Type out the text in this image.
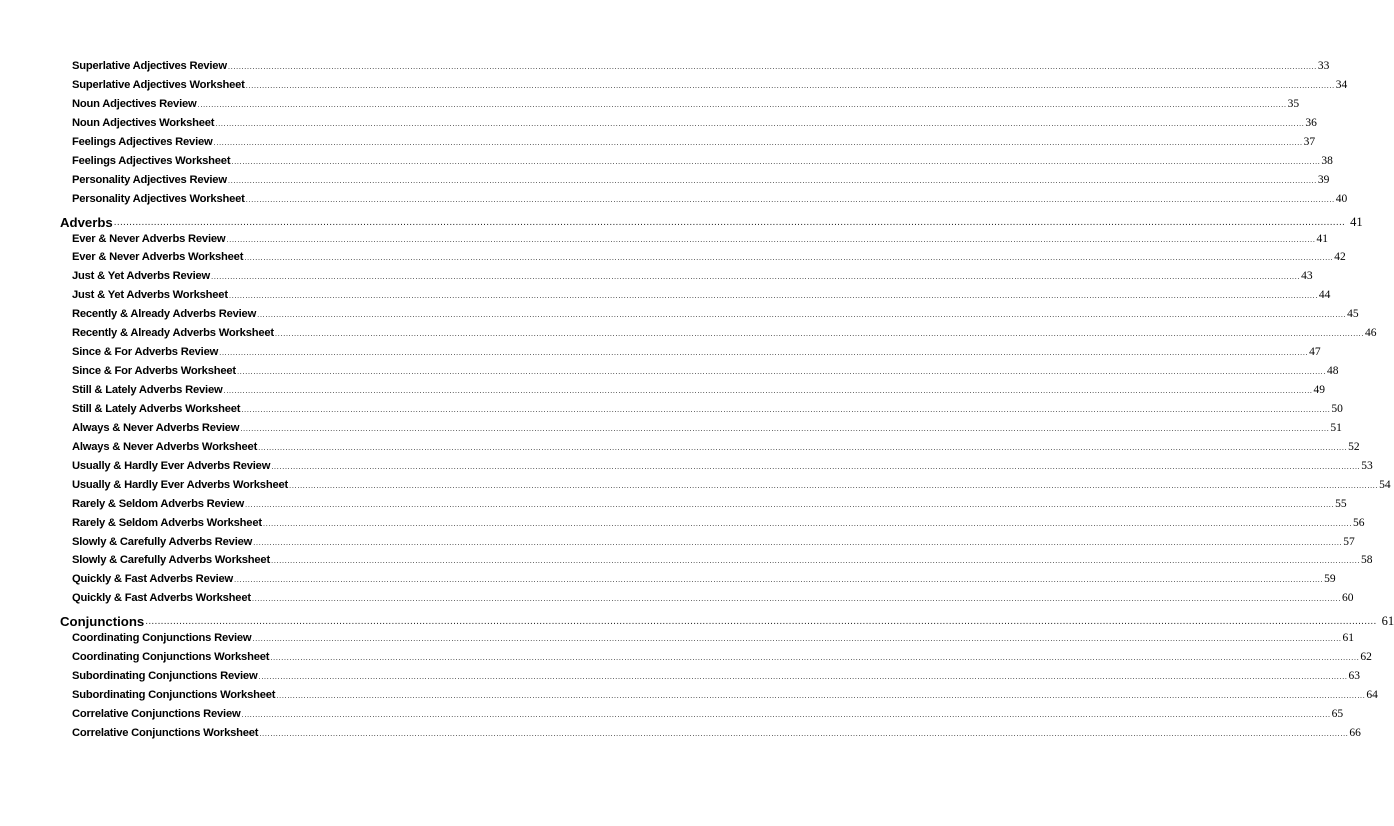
Superlative Adjectives Review ................................................................................................................................................................................................................................................................................................................................................................................................................ 33
Superlative Adjectives Worksheet ................................................................................................................................................................................................................................................................................................................................................................................................................ 34
Noun Adjectives Review ................................................................................................................................................................................................................................................................................................................................................................................................................ 35
Noun Adjectives Worksheet ................................................................................................................................................................................................................................................................................................................................................................................................................ 36
Feelings Adjectives Review ................................................................................................................................................................................................................................................................................................................................................................................................................ 37
Feelings Adjectives Worksheet ................................................................................................................................................................................................................................................................................................................................................................................................................ 38
Personality Adjectives Review ................................................................................................................................................................................................................................................................................................................................................................................................................ 39
Personality Adjectives Worksheet ................................................................................................................................................................................................................................................................................................................................................................................................................ 40
Adverbs ................................................................................................................................................................................................................................................................................................................................................................................................................ 41
Ever & Never Adverbs Review ................................................................................................................................................................................................................................................................................................................................................................................................................ 41
Ever & Never Adverbs Worksheet ................................................................................................................................................................................................................................................................................................................................................................................................................ 42
Just & Yet Adverbs Review ................................................................................................................................................................................................................................................................................................................................................................................................................ 43
Just & Yet Adverbs Worksheet ................................................................................................................................................................................................................................................................................................................................................................................................................ 44
Recently & Already Adverbs Review ................................................................................................................................................................................................................................................................................................................................................................................................................ 45
Recently & Already Adverbs Worksheet ................................................................................................................................................................................................................................................................................................................................................................................................................ 46
Since & For Adverbs Review ................................................................................................................................................................................................................................................................................................................................................................................................................ 47
Since & For Adverbs Worksheet ................................................................................................................................................................................................................................................................................................................................................................................................................ 48
Still & Lately Adverbs Review ................................................................................................................................................................................................................................................................................................................................................................................................................ 49
Still & Lately Adverbs Worksheet ................................................................................................................................................................................................................................................................................................................................................................................................................ 50
Always & Never Adverbs Review ................................................................................................................................................................................................................................................................................................................................................................................................................ 51
Always & Never Adverbs Worksheet ................................................................................................................................................................................................................................................................................................................................................................................................................ 52
Usually & Hardly Ever Adverbs Review ................................................................................................................................................................................................................................................................................................................................................................................................................ 53
Usually & Hardly Ever Adverbs Worksheet ................................................................................................................................................................................................................................................................................................................................................................................................................ 54
Rarely & Seldom Adverbs Review ................................................................................................................................................................................................................................................................................................................................................................................................................ 55
Rarely & Seldom Adverbs Worksheet ................................................................................................................................................................................................................................................................................................................................................................................................................ 56
Slowly & Carefully Adverbs Review ................................................................................................................................................................................................................................................................................................................................................................................................................ 57
Slowly & Carefully Adverbs Worksheet ................................................................................................................................................................................................................................................................................................................................................................................................................ 58
Quickly & Fast Adverbs Review ................................................................................................................................................................................................................................................................................................................................................................................................................ 59
Quickly & Fast Adverbs Worksheet ................................................................................................................................................................................................................................................................................................................................................................................................................ 60
Conjunctions ................................................................................................................................................................................................................................................................................................................................................................................................................ 61
Coordinating Conjunctions Review ................................................................................................................................................................................................................................................................................................................................................................................................................ 61
Coordinating Conjunctions Worksheet ................................................................................................................................................................................................................................................................................................................................................................................................................ 62
Subordinating Conjunctions Review ................................................................................................................................................................................................................................................................................................................................................................................................................ 63
Subordinating Conjunctions Worksheet ................................................................................................................................................................................................................................................................................................................................................................................................................ 64
Correlative Conjunctions Review ................................................................................................................................................................................................................................................................................................................................................................................................................ 65
Correlative Conjunctions Worksheet ................................................................................................................................................................................................................................................................................................................................................................................................................ 66
